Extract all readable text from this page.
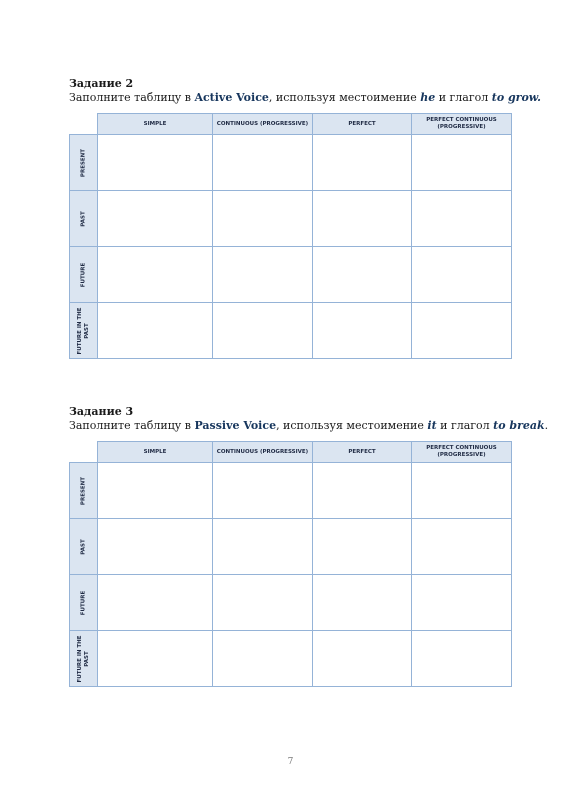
Задание 2
Заполните таблицу в Active Voice, используя местоимение he и глагол to grow.
	SIMPLE	CONTINUOUS (PROGRESSIVE)	PERFECT	PERFECT CONTINUOUS (PROGRESSIVE)

PRESENT				

PAST				

FUTURE				

FUTURE IN THE PAST				

Задание 3
Заполните таблицу в Passive Voice, используя местоимение it и глагол to break.
	SIMPLE	CONTINUOUS (PROGRESSIVE)	PERFECT	PERFECT CONTINUOUS (PROGRESSIVE)

PRESENT				

PAST				

FUTURE				

FUTURE IN THE PAST				

7
